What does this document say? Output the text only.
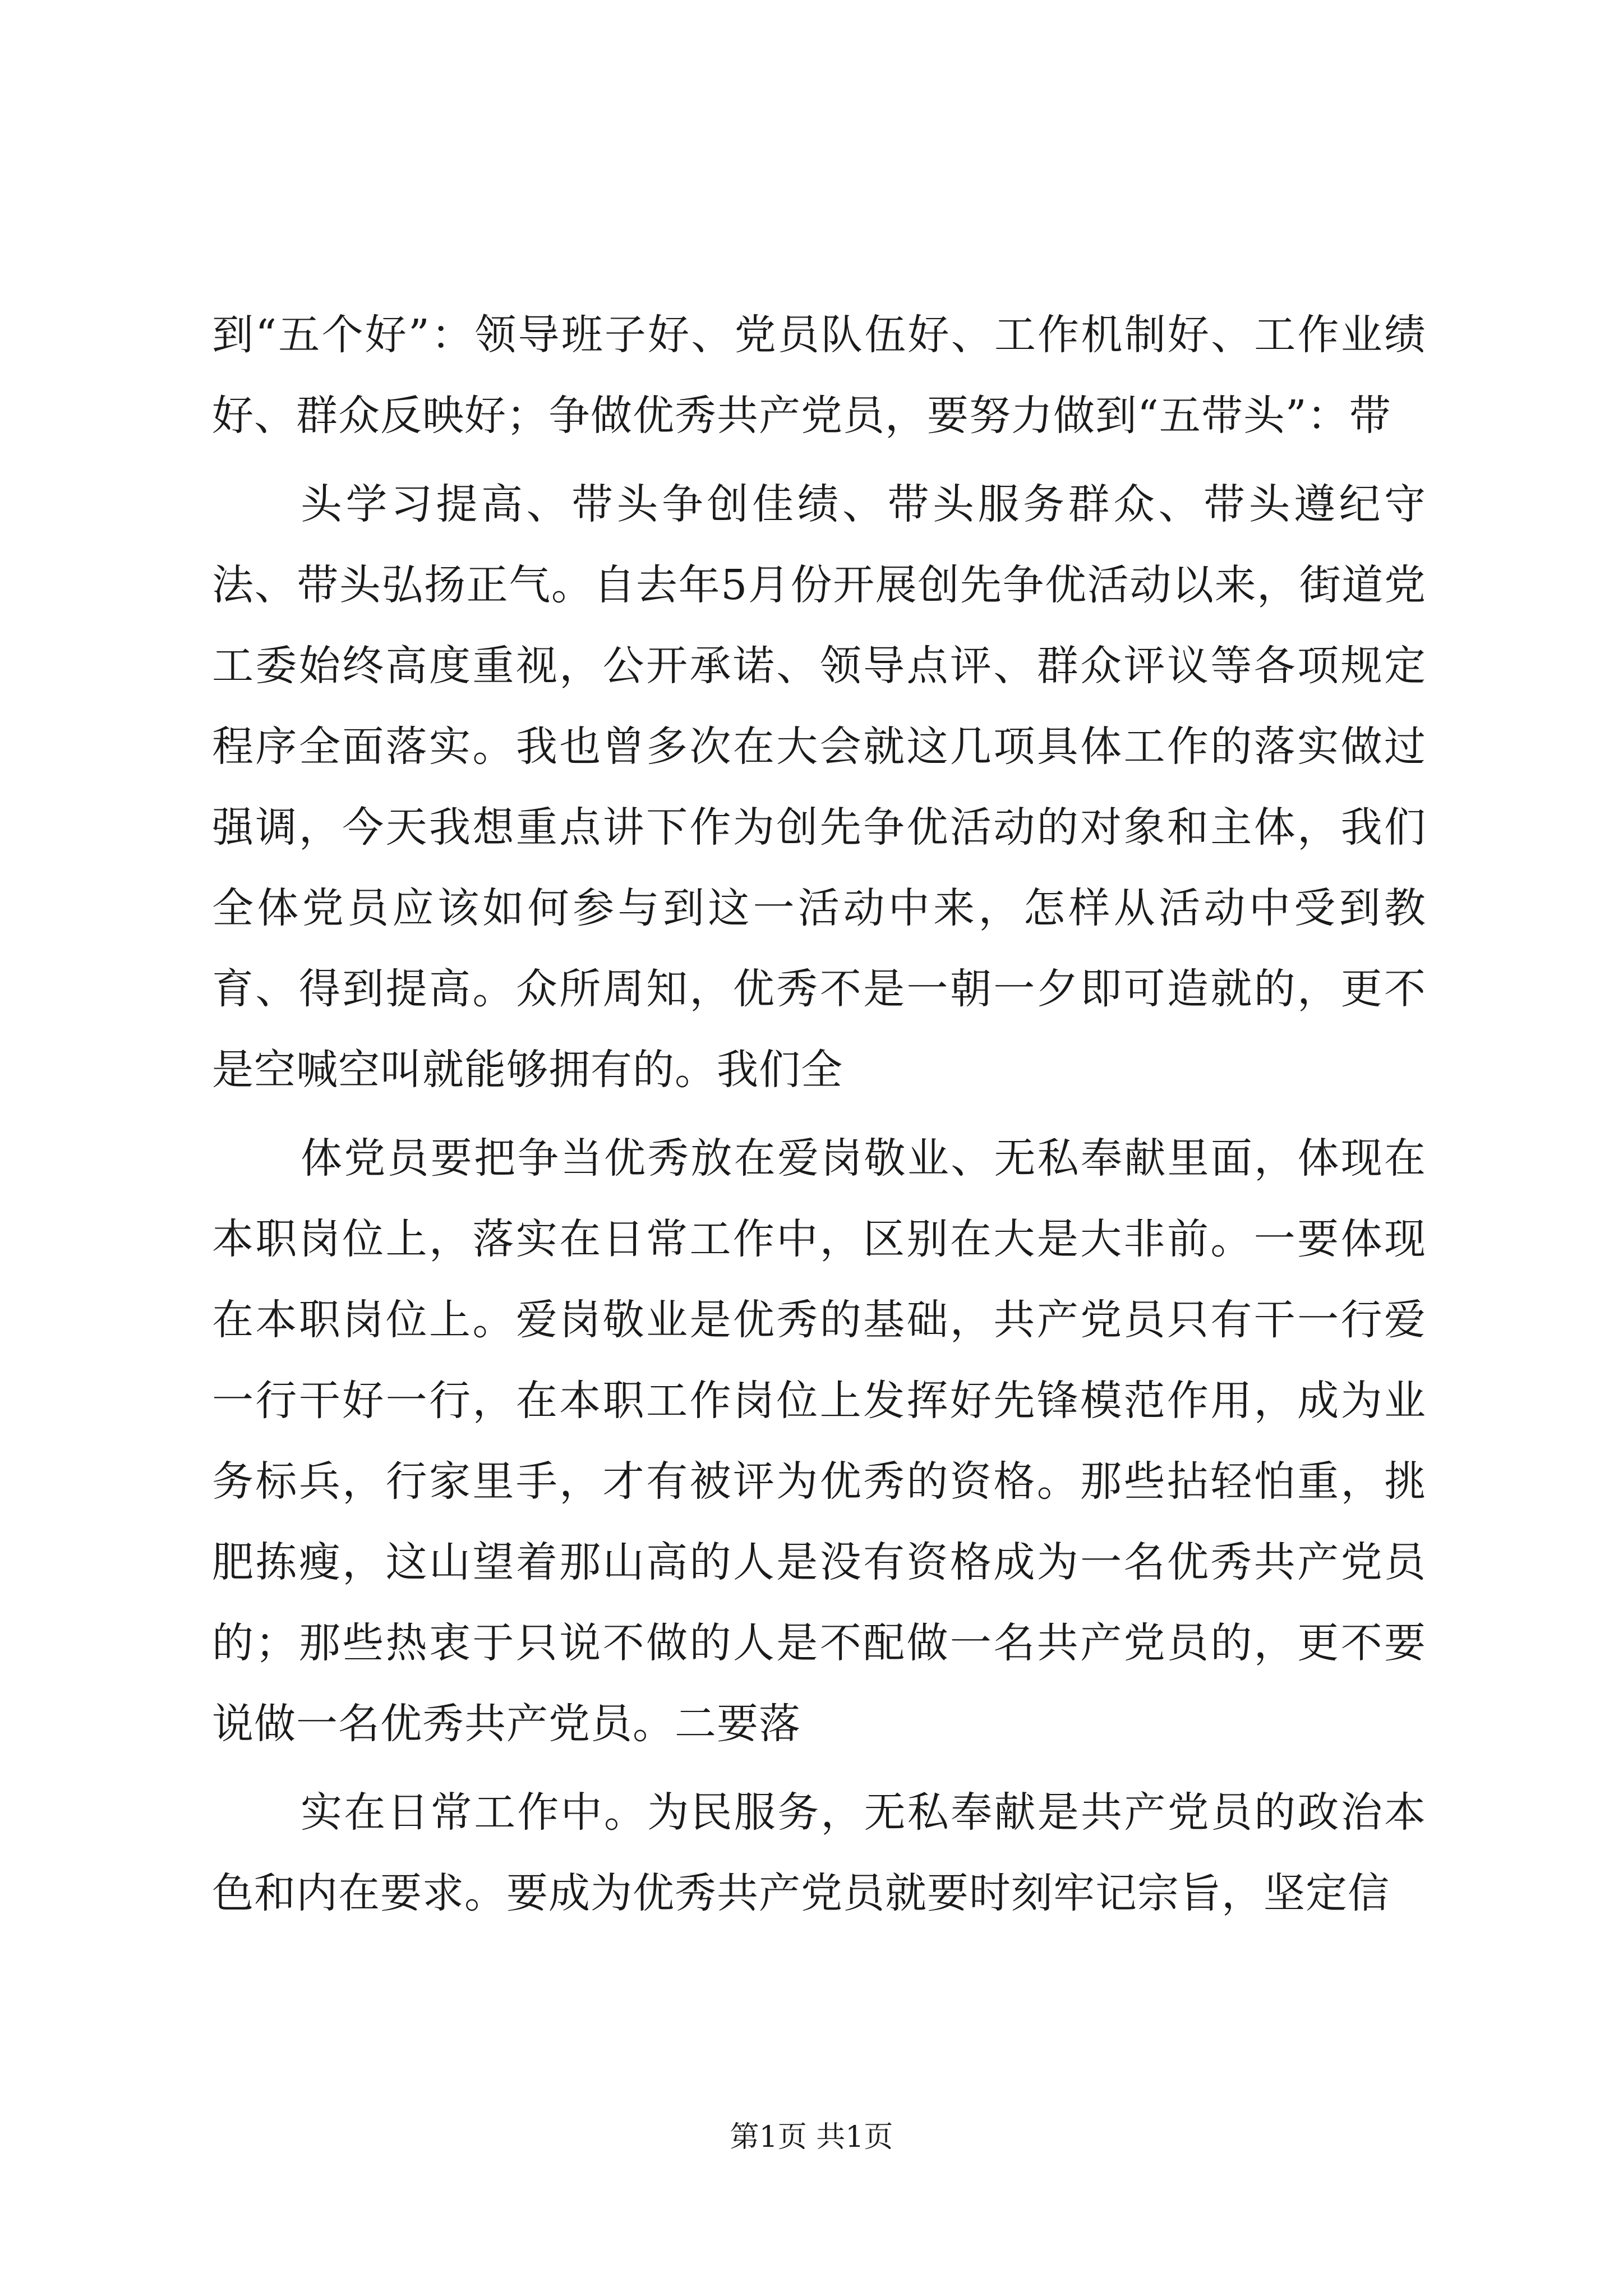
到“五个好”：领导班子好、党员队伍好、工作机制好、工作业绩好、群众反映好；争做优秀共产党员，要努力做到“五带头”：带

头学习提高、带头争创佳绩、带头服务群众、带头遵纪守法、带头弘扬正气。自去年5月份开展创先争优活动以来，街道党工委始终高度重视，公开承诺、领导点评、群众评议等各项规定程序全面落实。我也曾多次在大会就这几项具体工作的落实做过强调，今天我想重点讲下作为创先争优活动的对象和主体，我们全体党员应该如何参与到这一活动中来，怎样从活动中受到教育、得到提高。众所周知，优秀不是一朝一夕即可造就的，更不是空喊空叫就能够拥有的。我们全

体党员要把争当优秀放在爱岗敬业、无私奉献里面，体现在本职岗位上，落实在日常工作中，区别在大是大非前。一要体现在本职岗位上。爱岗敬业是优秀的基础，共产党员只有干一行爱一行干好一行，在本职工作岗位上发挥好先锋模范作用，成为业务标兵，行家里手，才有被评为优秀的资格。那些拈轻怕重，挑肥拣瘦，这山望着那山高的人是没有资格成为一名优秀共产党员的；那些热衷于只说不做的人是不配做一名共产党员的，更不要说做一名优秀共产党员。二要落

实在日常工作中。为民服务，无私奉献是共产党员的政治本色和内在要求。要成为优秀共产党员就要时刻牢记宗旨，坚定信

第1页 共1页
